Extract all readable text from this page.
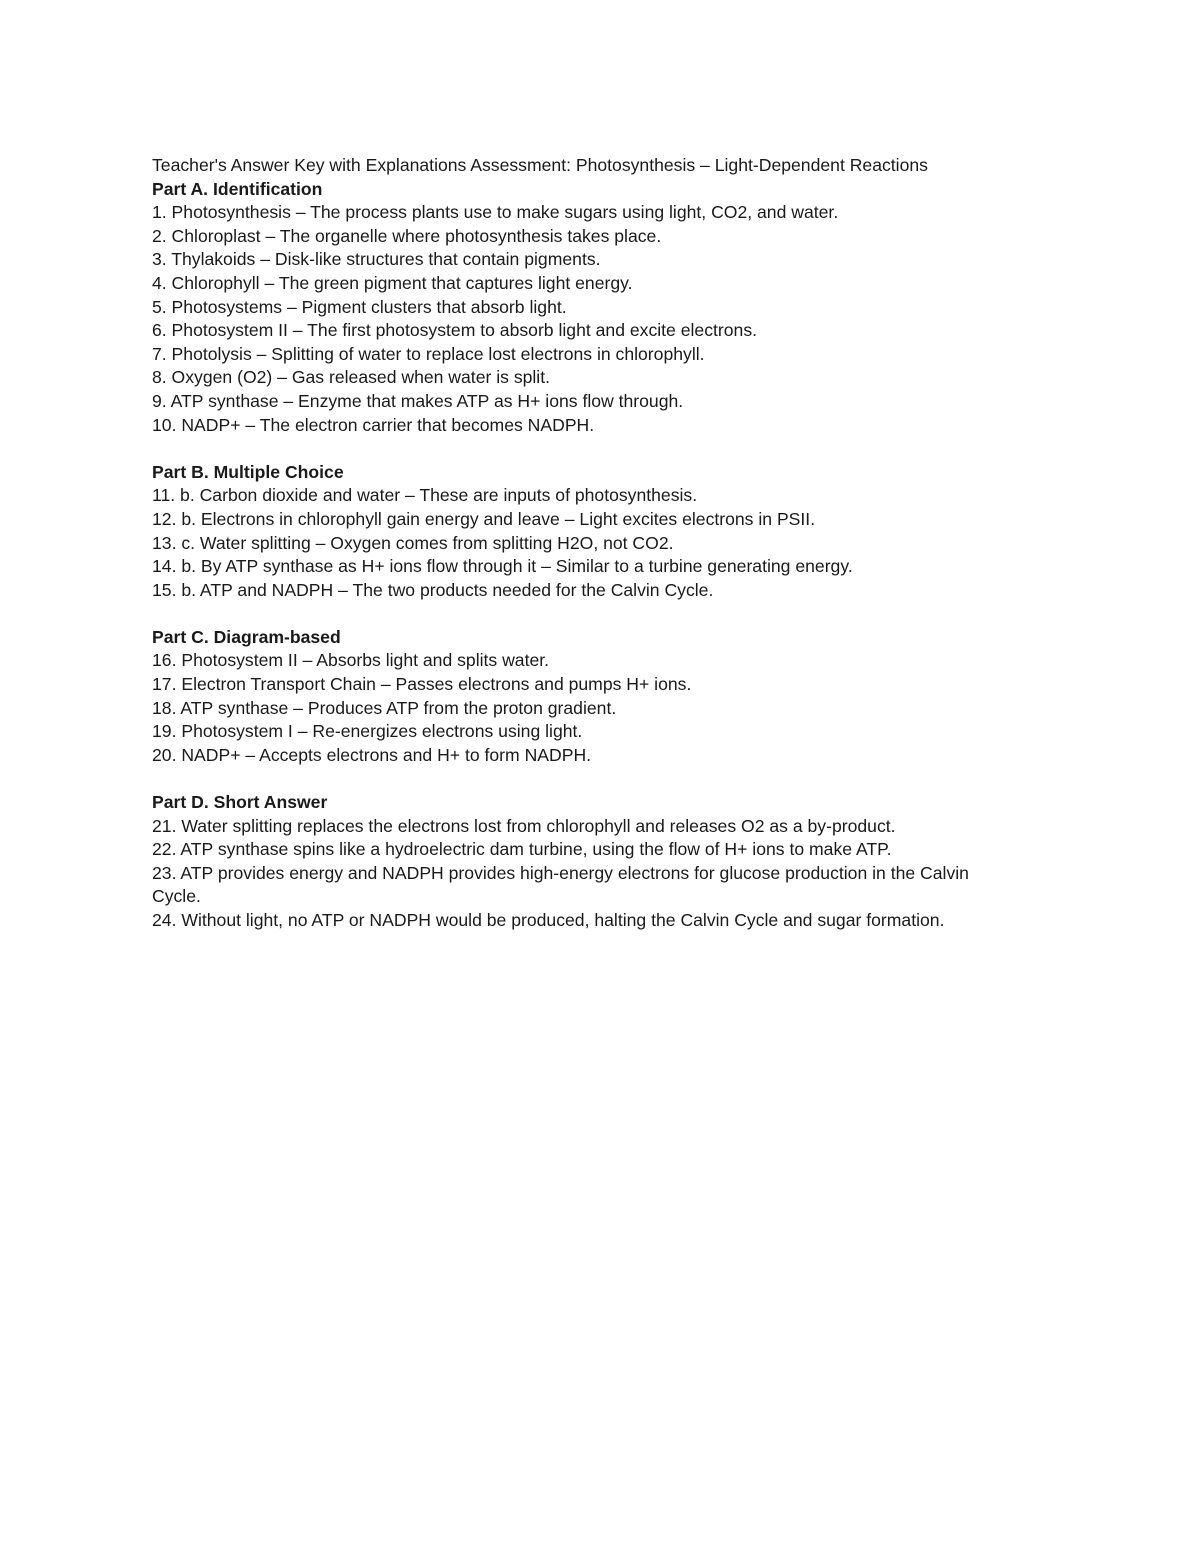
Teacher's Answer Key with Explanations Assessment: Photosynthesis – Light-Dependent Reactions
Part A. Identification
1. Photosynthesis – The process plants use to make sugars using light, CO2, and water.
2. Chloroplast – The organelle where photosynthesis takes place.
3. Thylakoids – Disk-like structures that contain pigments.
4. Chlorophyll – The green pigment that captures light energy.
5. Photosystems – Pigment clusters that absorb light.
6. Photosystem II – The first photosystem to absorb light and excite electrons.
7. Photolysis – Splitting of water to replace lost electrons in chlorophyll.
8. Oxygen (O2) – Gas released when water is split.
9. ATP synthase – Enzyme that makes ATP as H+ ions flow through.
10. NADP+ – The electron carrier that becomes NADPH.
Part B. Multiple Choice
11. b. Carbon dioxide and water – These are inputs of photosynthesis.
12. b. Electrons in chlorophyll gain energy and leave – Light excites electrons in PSII.
13. c. Water splitting – Oxygen comes from splitting H2O, not CO2.
14. b. By ATP synthase as H+ ions flow through it – Similar to a turbine generating energy.
15. b. ATP and NADPH – The two products needed for the Calvin Cycle.
Part C. Diagram-based
16. Photosystem II – Absorbs light and splits water.
17. Electron Transport Chain – Passes electrons and pumps H+ ions.
18. ATP synthase – Produces ATP from the proton gradient.
19. Photosystem I – Re-energizes electrons using light.
20. NADP+ – Accepts electrons and H+ to form NADPH.
Part D. Short Answer
21. Water splitting replaces the electrons lost from chlorophyll and releases O2 as a by-product.
22. ATP synthase spins like a hydroelectric dam turbine, using the flow of H+ ions to make ATP.
23. ATP provides energy and NADPH provides high-energy electrons for glucose production in the Calvin Cycle.
24. Without light, no ATP or NADPH would be produced, halting the Calvin Cycle and sugar formation.
